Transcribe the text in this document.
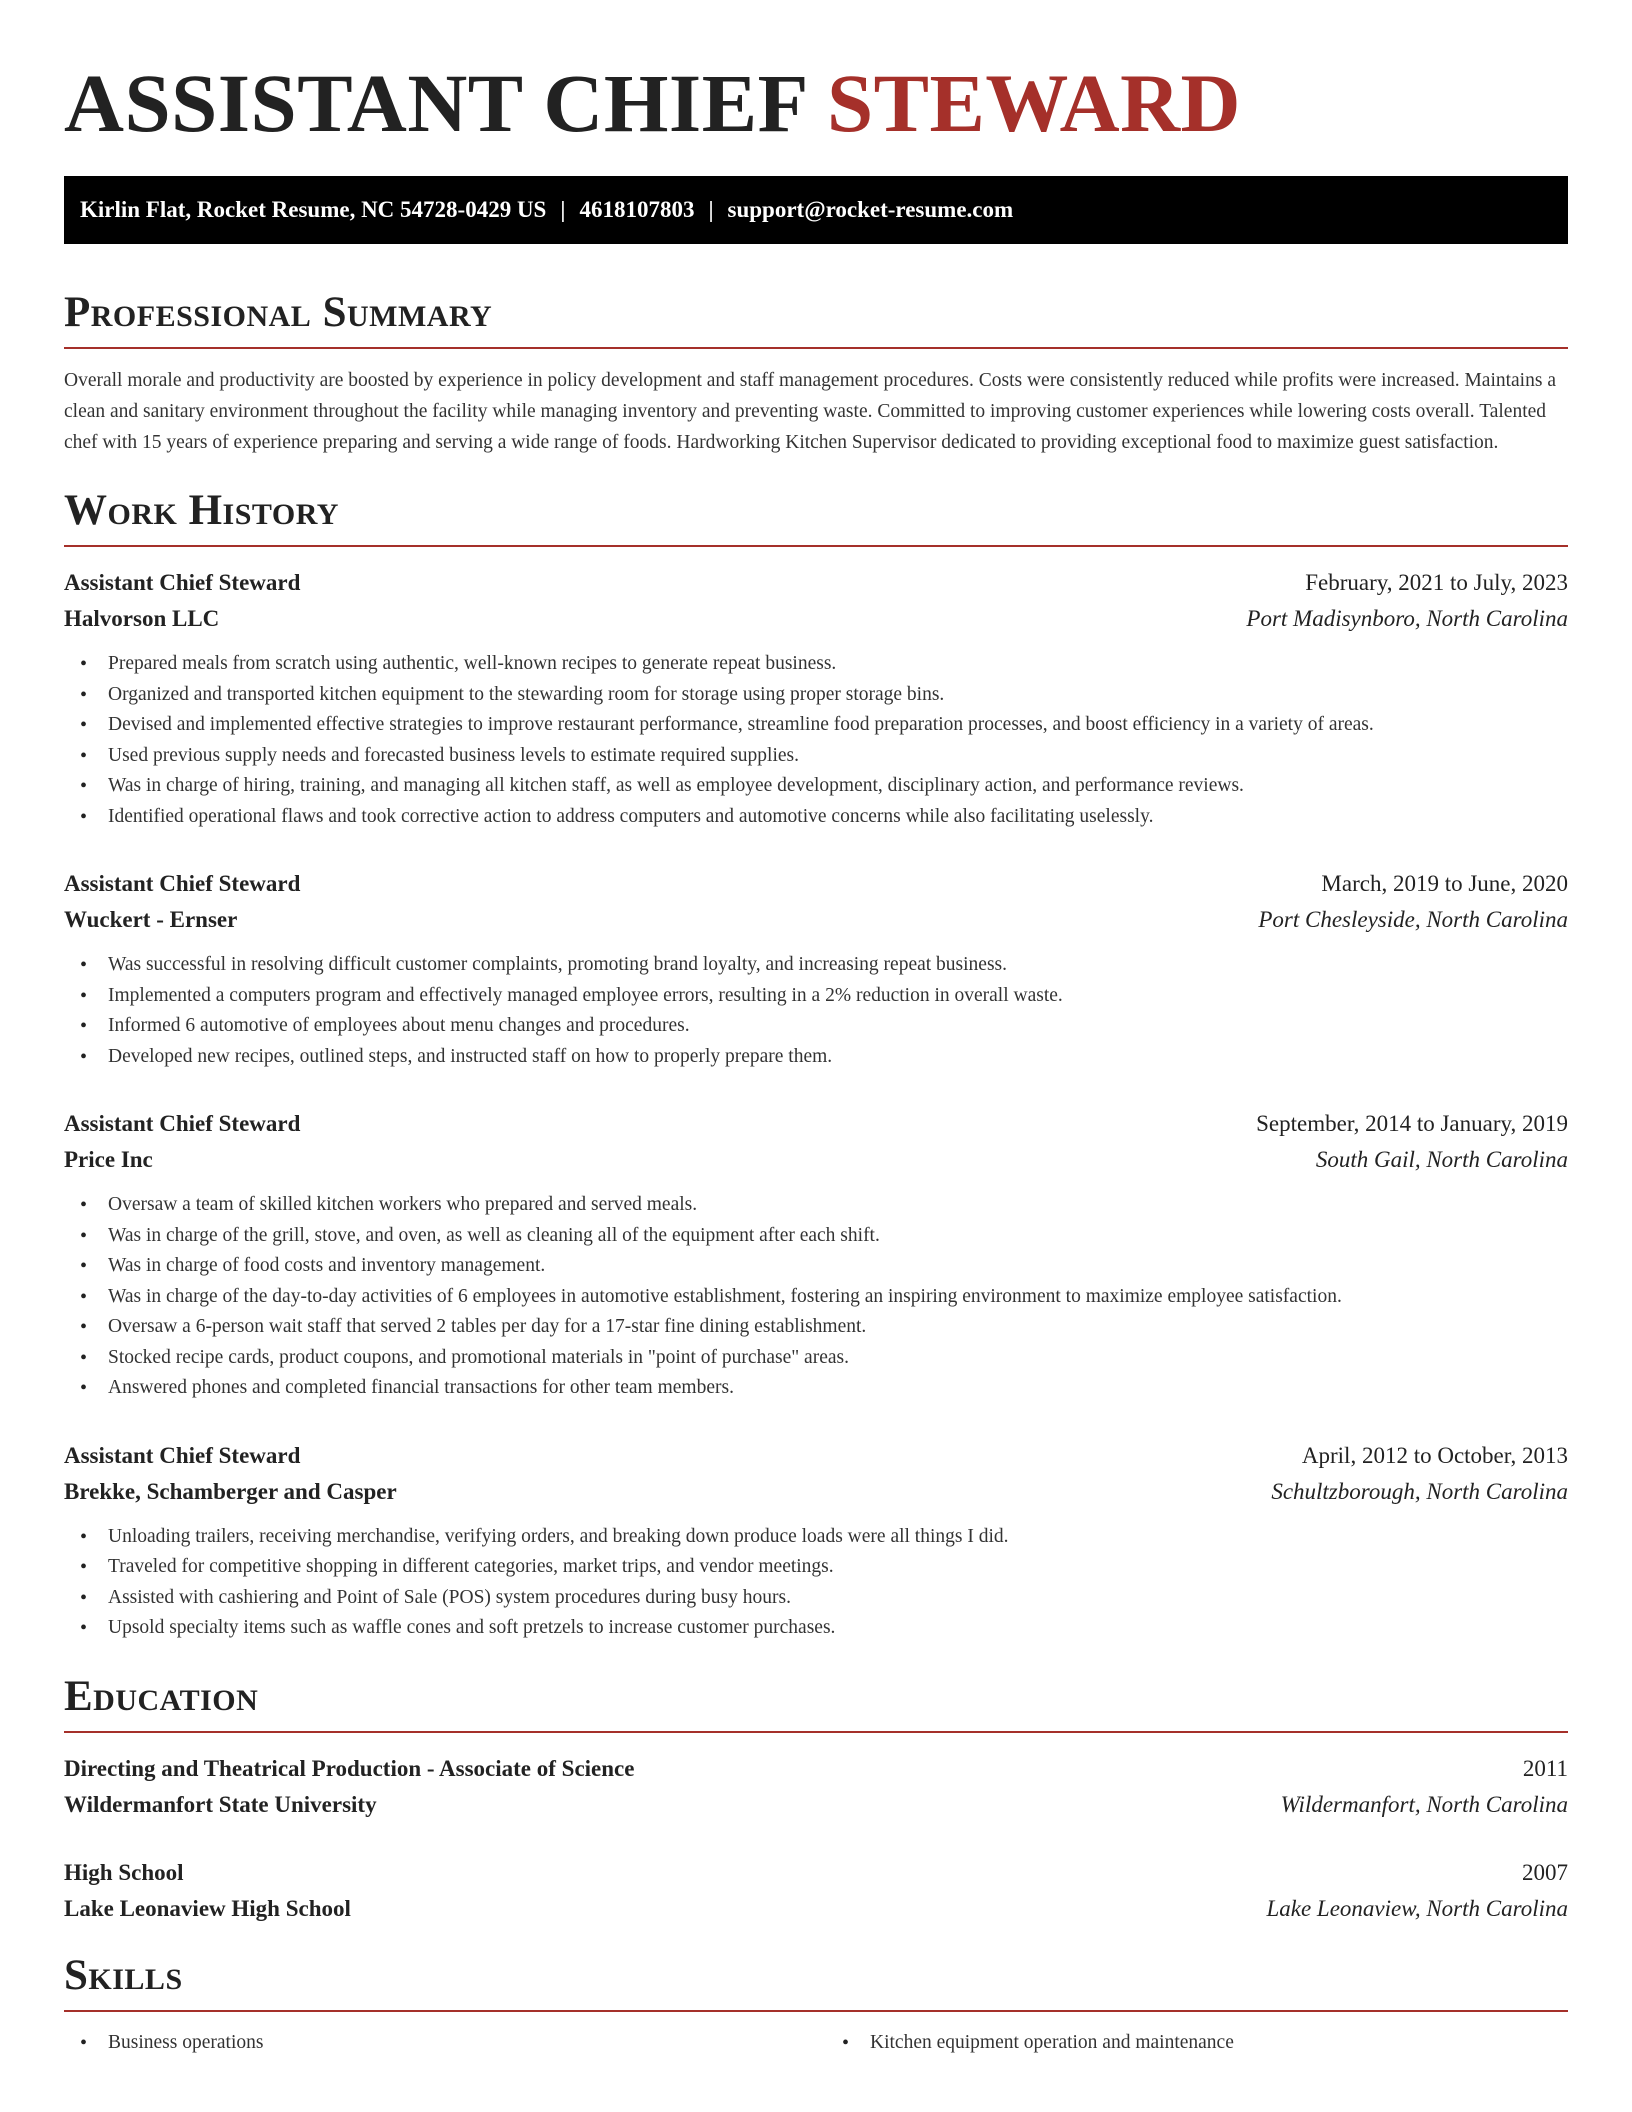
ASSISTANT CHIEF STEWARD
Kirlin Flat, Rocket Resume, NC 54728-0429 US | 4618107803 | support@rocket-resume.com
Professional Summary

Overall morale and productivity are boosted by experience in policy development and staff management procedures. Costs were consistently reduced while profits were increased. Maintains a clean and sanitary environment throughout the facility while managing inventory and preventing waste. Committed to improving customer experiences while lowering costs overall. Talented chef with 15 years of experience preparing and serving a wide range of foods. Hardworking Kitchen Supervisor dedicated to providing exceptional food to maximize guest satisfaction.

Work History
Assistant Chief Steward	February, 2021 to July, 2023
Halvorson LLC	Port Madisynboro, North Carolina
• Prepared meals from scratch using authentic, well-known recipes to generate repeat business.
• Organized and transported kitchen equipment to the stewarding room for storage using proper storage bins.
• Devised and implemented effective strategies to improve restaurant performance, streamline food preparation processes, and boost efficiency in a variety of areas.
• Used previous supply needs and forecasted business levels to estimate required supplies.
• Was in charge of hiring, training, and managing all kitchen staff, as well as employee development, disciplinary action, and performance reviews.
• Identified operational flaws and took corrective action to address computers and automotive concerns while also facilitating uselessly.
Assistant Chief Steward	March, 2019 to June, 2020
Wuckert - Ernser	Port Chesleyside, North Carolina
• Was successful in resolving difficult customer complaints, promoting brand loyalty, and increasing repeat business.
• Implemented a computers program and effectively managed employee errors, resulting in a 2% reduction in overall waste.
• Informed 6 automotive of employees about menu changes and procedures.
• Developed new recipes, outlined steps, and instructed staff on how to properly prepare them.
Assistant Chief Steward	September, 2014 to January, 2019
Price Inc	South Gail, North Carolina
• Oversaw a team of skilled kitchen workers who prepared and served meals.
• Was in charge of the grill, stove, and oven, as well as cleaning all of the equipment after each shift.
• Was in charge of food costs and inventory management.
• Was in charge of the day-to-day activities of 6 employees in automotive establishment, fostering an inspiring environment to maximize employee satisfaction.
• Oversaw a 6-person wait staff that served 2 tables per day for a 17-star fine dining establishment.
• Stocked recipe cards, product coupons, and promotional materials in "point of purchase" areas.
• Answered phones and completed financial transactions for other team members.
Assistant Chief Steward	April, 2012 to October, 2013
Brekke, Schamberger and Casper	Schultzborough, North Carolina
• Unloading trailers, receiving merchandise, verifying orders, and breaking down produce loads were all things I did.
• Traveled for competitive shopping in different categories, market trips, and vendor meetings.
• Assisted with cashiering and Point of Sale (POS) system procedures during busy hours.
• Upsold specialty items such as waffle cones and soft pretzels to increase customer purchases.
Education
Directing and Theatrical Production - Associate of Science	2011
Wildermanfort State University	Wildermanfort, North Carolina
High School	2007
Lake Leonaview High School	Lake Leonaview, North Carolina
Skills
• Business operations
•	Kitchen equipment operation and maintenance
